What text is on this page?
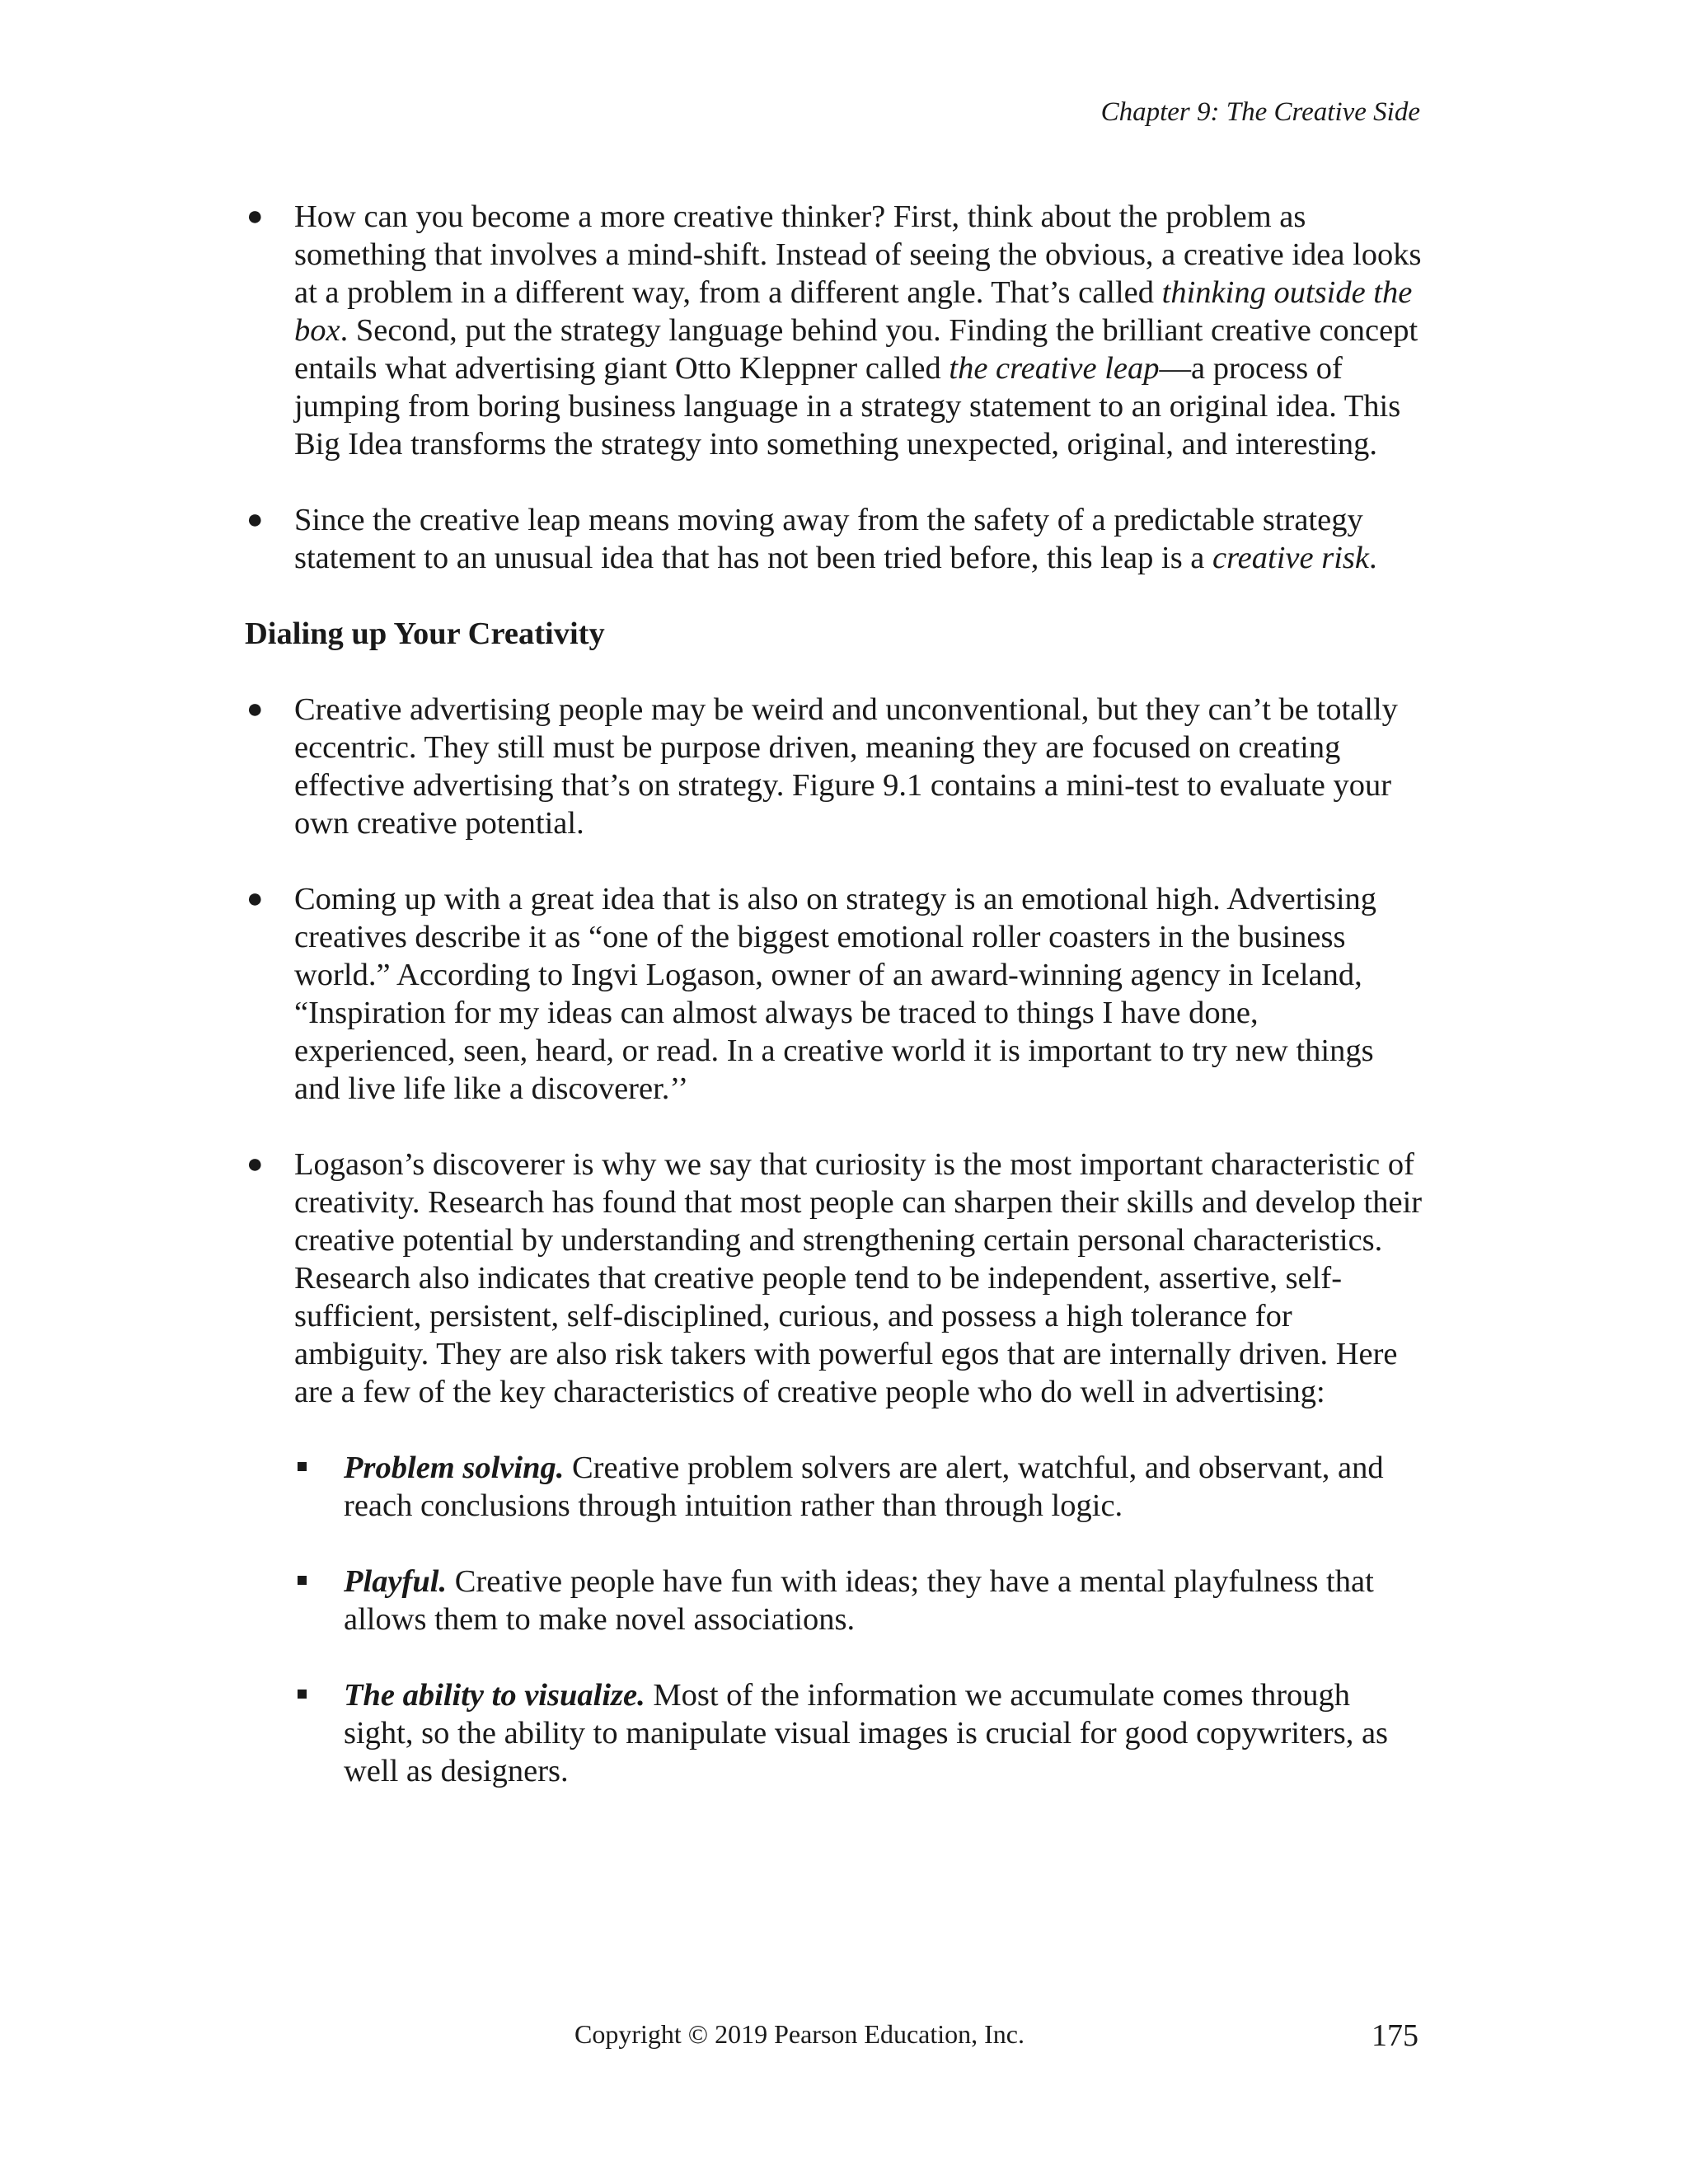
Chapter 9: The Creative Side
● How can you become a more creative thinker? First, think about the problem as something that involves a mind-shift. Instead of seeing the obvious, a creative idea looks at a problem in a different way, from a different angle. That’s called thinking outside the box. Second, put the strategy language behind you. Finding the brilliant creative concept entails what advertising giant Otto Kleppner called the creative leap—a process of jumping from boring business language in a strategy statement to an original idea. This Big Idea transforms the strategy into something unexpected, original, and interesting.
● Since the creative leap means moving away from the safety of a predictable strategy statement to an unusual idea that has not been tried before, this leap is a creative risk.
Dialing up Your Creativity
● Creative advertising people may be weird and unconventional, but they can’t be totally eccentric. They still must be purpose driven, meaning they are focused on creating effective advertising that’s on strategy. Figure 9.1 contains a mini-test to evaluate your own creative potential.
● Coming up with a great idea that is also on strategy is an emotional high. Advertising creatives describe it as “one of the biggest emotional roller coasters in the business world.” According to Ingvi Logason, owner of an award-winning agency in Iceland, “Inspiration for my ideas can almost always be traced to things I have done, experienced, seen, heard, or read. In a creative world it is important to try new things and live life like a discoverer.’’
● Logason’s discoverer is why we say that curiosity is the most important characteristic of creativity. Research has found that most people can sharpen their skills and develop their creative potential by understanding and strengthening certain personal characteristics. Research also indicates that creative people tend to be independent, assertive, self-sufficient, persistent, self-disciplined, curious, and possess a high tolerance for ambiguity. They are also risk takers with powerful egos that are internally driven. Here are a few of the key characteristics of creative people who do well in advertising:
Problem solving. Creative problem solvers are alert, watchful, and observant, and reach conclusions through intuition rather than through logic.
Playful. Creative people have fun with ideas; they have a mental playfulness that allows them to make novel associations.
The ability to visualize. Most of the information we accumulate comes through sight, so the ability to manipulate visual images is crucial for good copywriters, as well as designers.
Copyright © 2019 Pearson Education, Inc.	175
